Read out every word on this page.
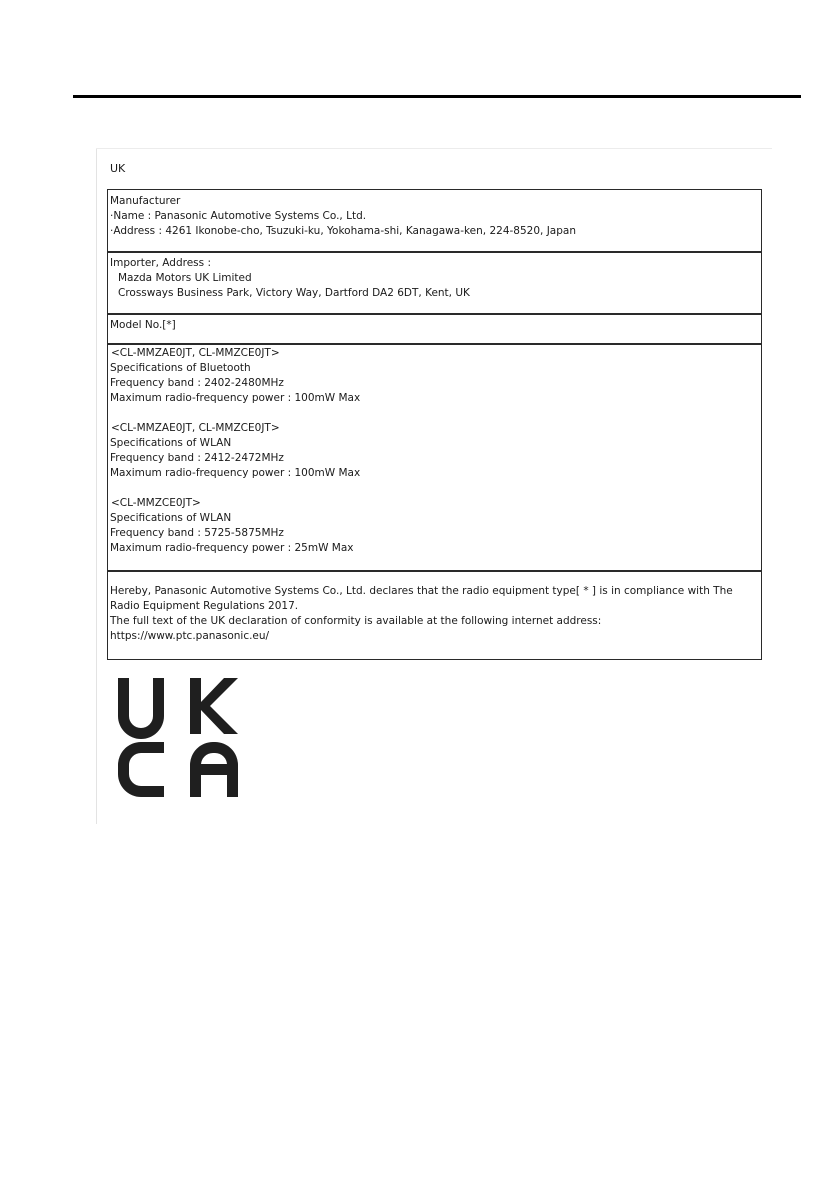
UK
Manufacturer
·Name : Panasonic Automotive Systems Co., Ltd.
·Address : 4261 Ikonobe-cho, Tsuzuki-ku, Yokohama-shi, Kanagawa-ken, 224-8520, Japan
Importer, Address :
Mazda Motors UK Limited
Crossways Business Park, Victory Way, Dartford DA2 6DT, Kent, UK
Model No.[*]
<CL-MMZAE0JT, CL-MMZCE0JT>
Specifications of Bluetooth
Frequency band : 2402-2480MHz
Maximum radio-frequency power : 100mW Max
<CL-MMZAE0JT, CL-MMZCE0JT>
Specifications of WLAN
Frequency band : 2412-2472MHz
Maximum radio-frequency power : 100mW Max
<CL-MMZCE0JT>
Specifications of WLAN
Frequency band : 5725-5875MHz
Maximum radio-frequency power : 25mW Max
Hereby, Panasonic Automotive Systems Co., Ltd. declares that the radio equipment type[ * ] is in compliance with The Radio Equipment Regulations 2017.
The full text of the UK declaration of conformity is available at the following internet address:
https://www.ptc.panasonic.eu/
